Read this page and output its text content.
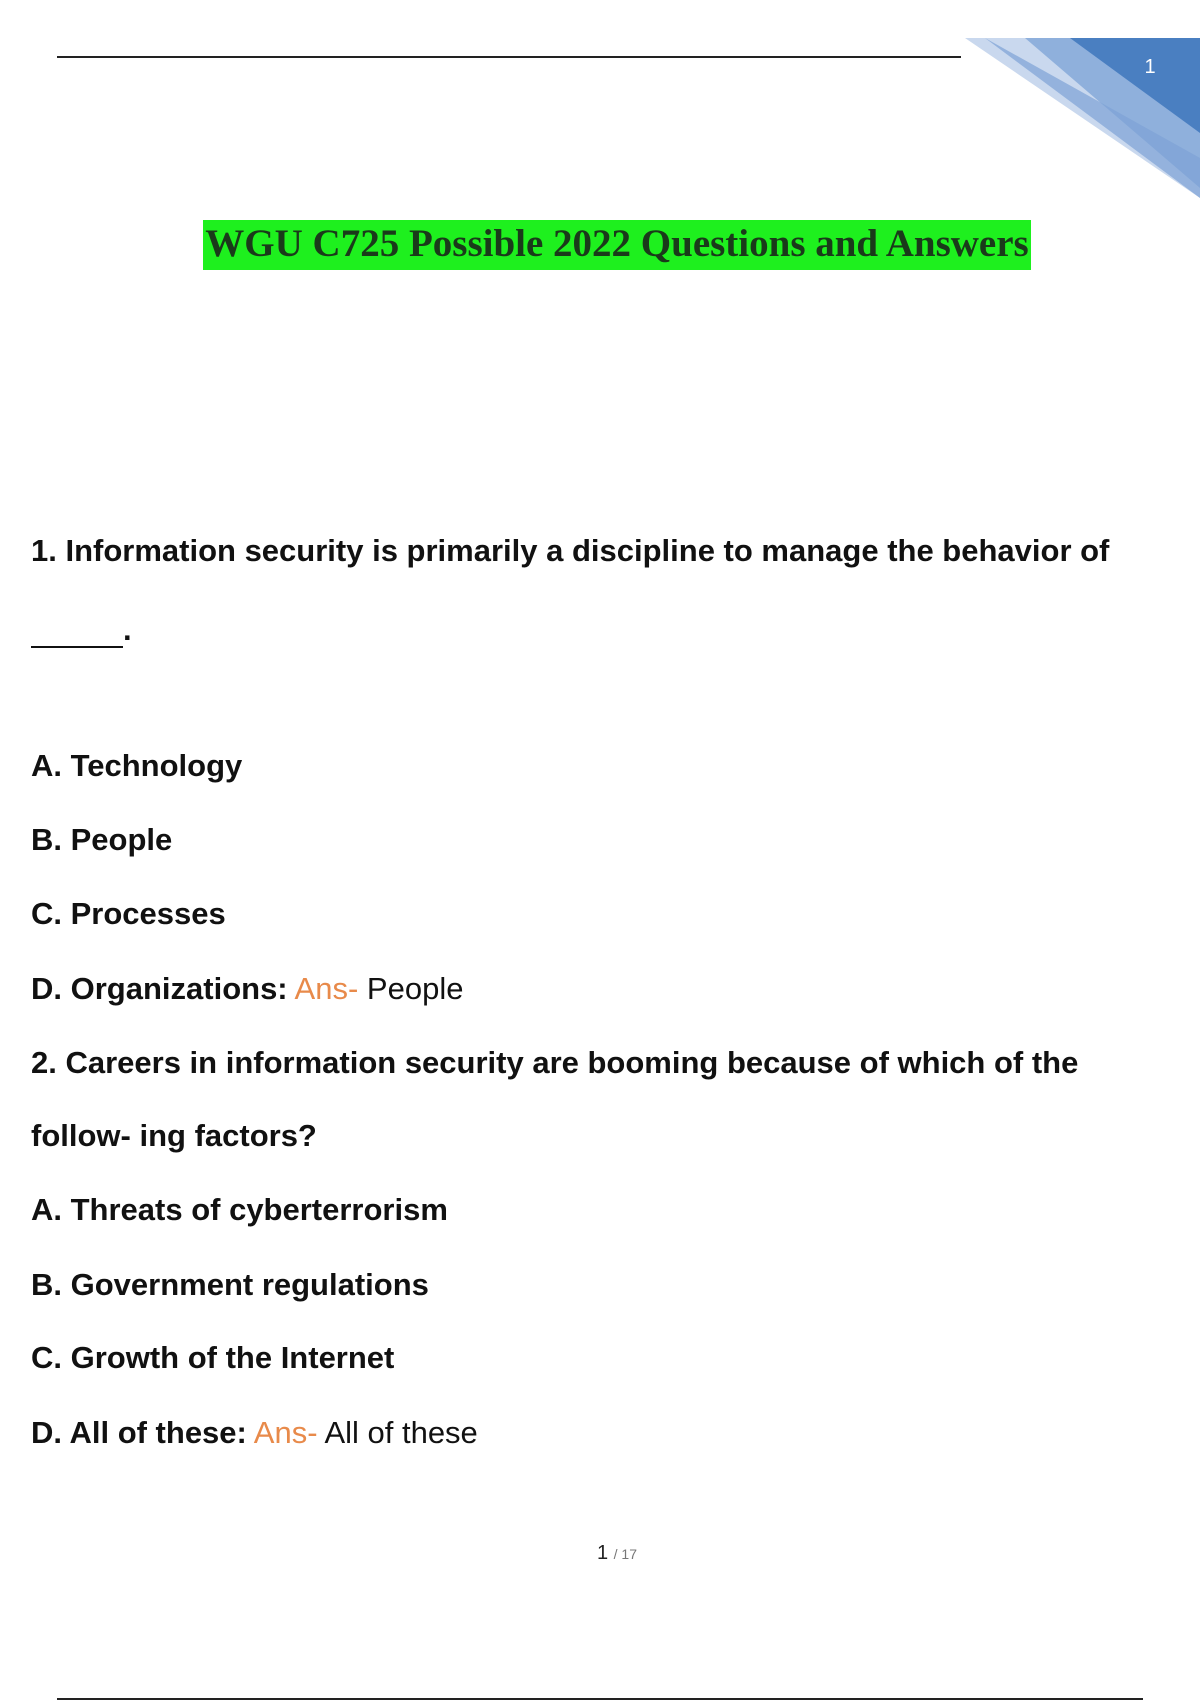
1
WGU C725 Possible 2022 Questions and Answers
1. Information security is primarily a discipline to manage the behavior of
.
A. Technology
B. People
C. Processes
D. Organizations: Ans- People
2. Careers in information security are booming because of which of the
follow- ing factors?
A. Threats of cyberterrorism
B. Government regulations
C. Growth of the Internet
D. All of these: Ans- All of these
1 / 17
